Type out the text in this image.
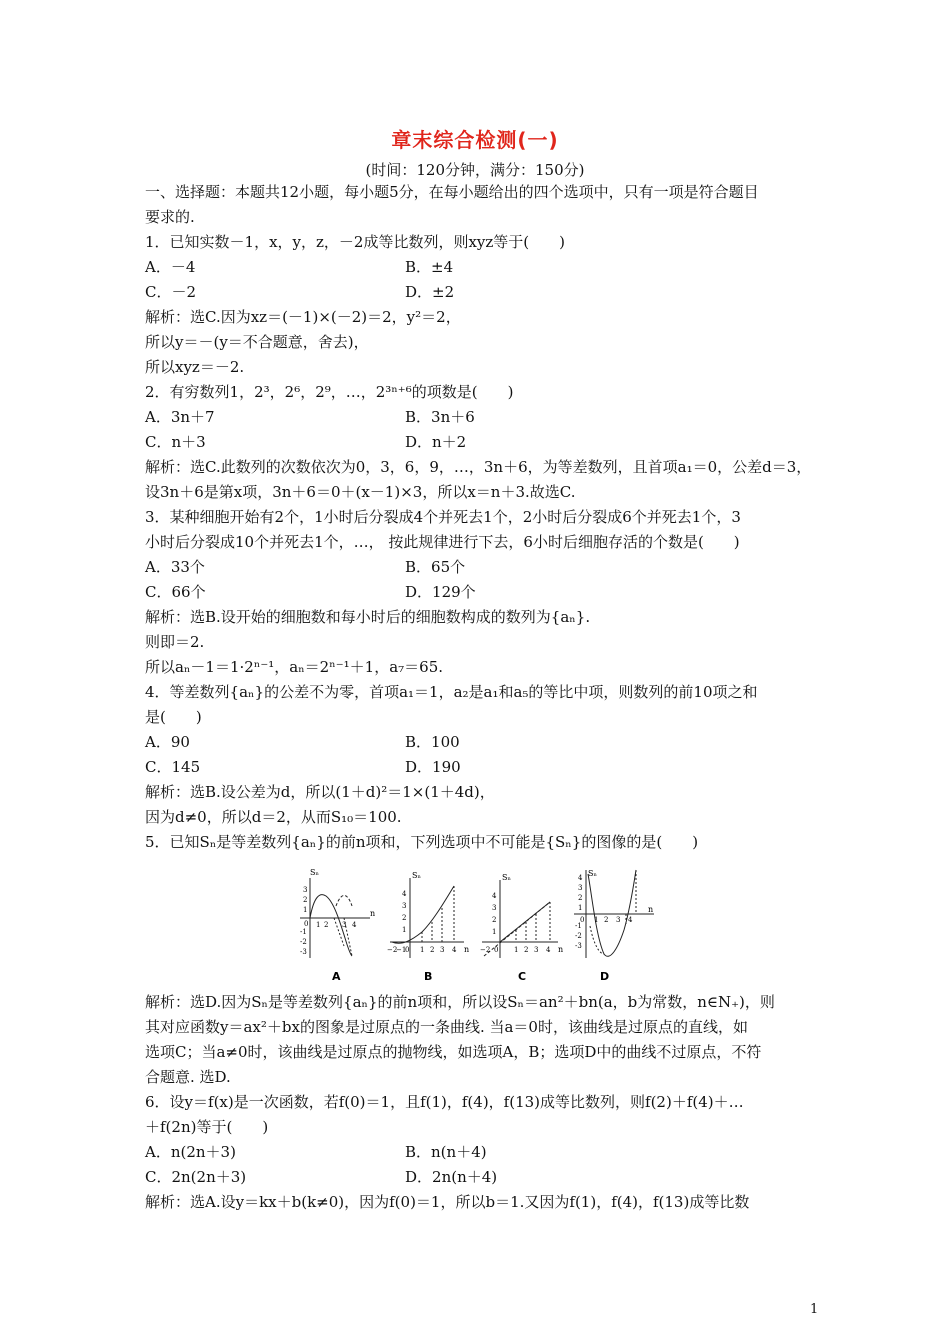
章末综合检测(一)
(时间：120分钟，满分：150分)
一、选择题：本题共12小题，每小题5分，在每小题给出的四个选项中，只有一项是符合题目
要求的.
1．已知实数－1，x，y，z，－2成等比数列，则xyz等于(　　)
A．－4	B．±4
C．－2	D．±2
解析：选C.因为xz＝(－1)×(－2)＝2，y²＝2，
所以y＝－(y＝不合题意，舍去)，
所以xyz＝－2.
2．有穷数列1，2³，2⁶，2⁹，…，2³ⁿ⁺⁶的项数是(　　)
A．3n＋7	B．3n＋6
C．n＋3	D．n＋2
解析：选C.此数列的次数依次为0，3，6，9，…，3n＋6，为等差数列，且首项a₁＝0，公差d＝3，
设3n＋6是第x项，3n＋6＝0＋(x－1)×3，所以x＝n＋3.故选C.
3．某种细胞开始有2个，1小时后分裂成4个并死去1个，2小时后分裂成6个并死去1个，3
小时后分裂成10个并死去1个，…， 按此规律进行下去，6小时后细胞存活的个数是(　　)
A．33个	B．65个
C．66个	D．129个
解析：选B.设开始的细胞数和每小时后的细胞数构成的数列为{aₙ}.
则即＝2.
所以aₙ－1＝1·2ⁿ⁻¹，aₙ＝2ⁿ⁻¹＋1，a₇＝65.
4．等差数列{aₙ}的公差不为零，首项a₁＝1，a₂是a₁和a₅的等比中项，则数列的前10项之和
是(　　)
A．90	B．100
C．145	D．190
解析：选B.设公差为d，所以(1＋d)²＝1×(1＋4d)，
因为d≠0，所以d＝2，从而S₁₀＝100.
5．已知Sₙ是等差数列{aₙ}的前n项和，下列选项中不可能是{Sₙ}的图像的是(　　)
Sₙ
n
0
3
2
1
-1
-2
-3
1 2 3 4
A
Sₙ
n
4
3
2
1
−2
−1
0 1 2 3 4
B
Sₙ
n
4
3
2
1
−2 0 1 2 3 4
C
Sₙ
n
4
3
2
1
-1
-2
-3
0 1 2 3 4
D
解析：选D.因为Sₙ是等差数列{aₙ}的前n项和，所以设Sₙ＝an²＋bn(a，b为常数，n∈N₊)，则
其对应函数y＝ax²＋bx的图象是过原点的一条曲线. 当a＝0时，该曲线是过原点的直线，如
选项C；当a≠0时，该曲线是过原点的抛物线，如选项A，B；选项D中的曲线不过原点，不符
合题意. 选D.
6．设y＝f(x)是一次函数，若f(0)＝1，且f(1)，f(4)，f(13)成等比数列，则f(2)＋f(4)＋…
＋f(2n)等于(　　)
A．n(2n＋3)	B．n(n＋4)
C．2n(2n＋3)	D．2n(n＋4)
解析：选A.设y＝kx＋b(k≠0)，因为f(0)＝1，所以b＝1.又因为f(1)，f(4)，f(13)成等比数
1
